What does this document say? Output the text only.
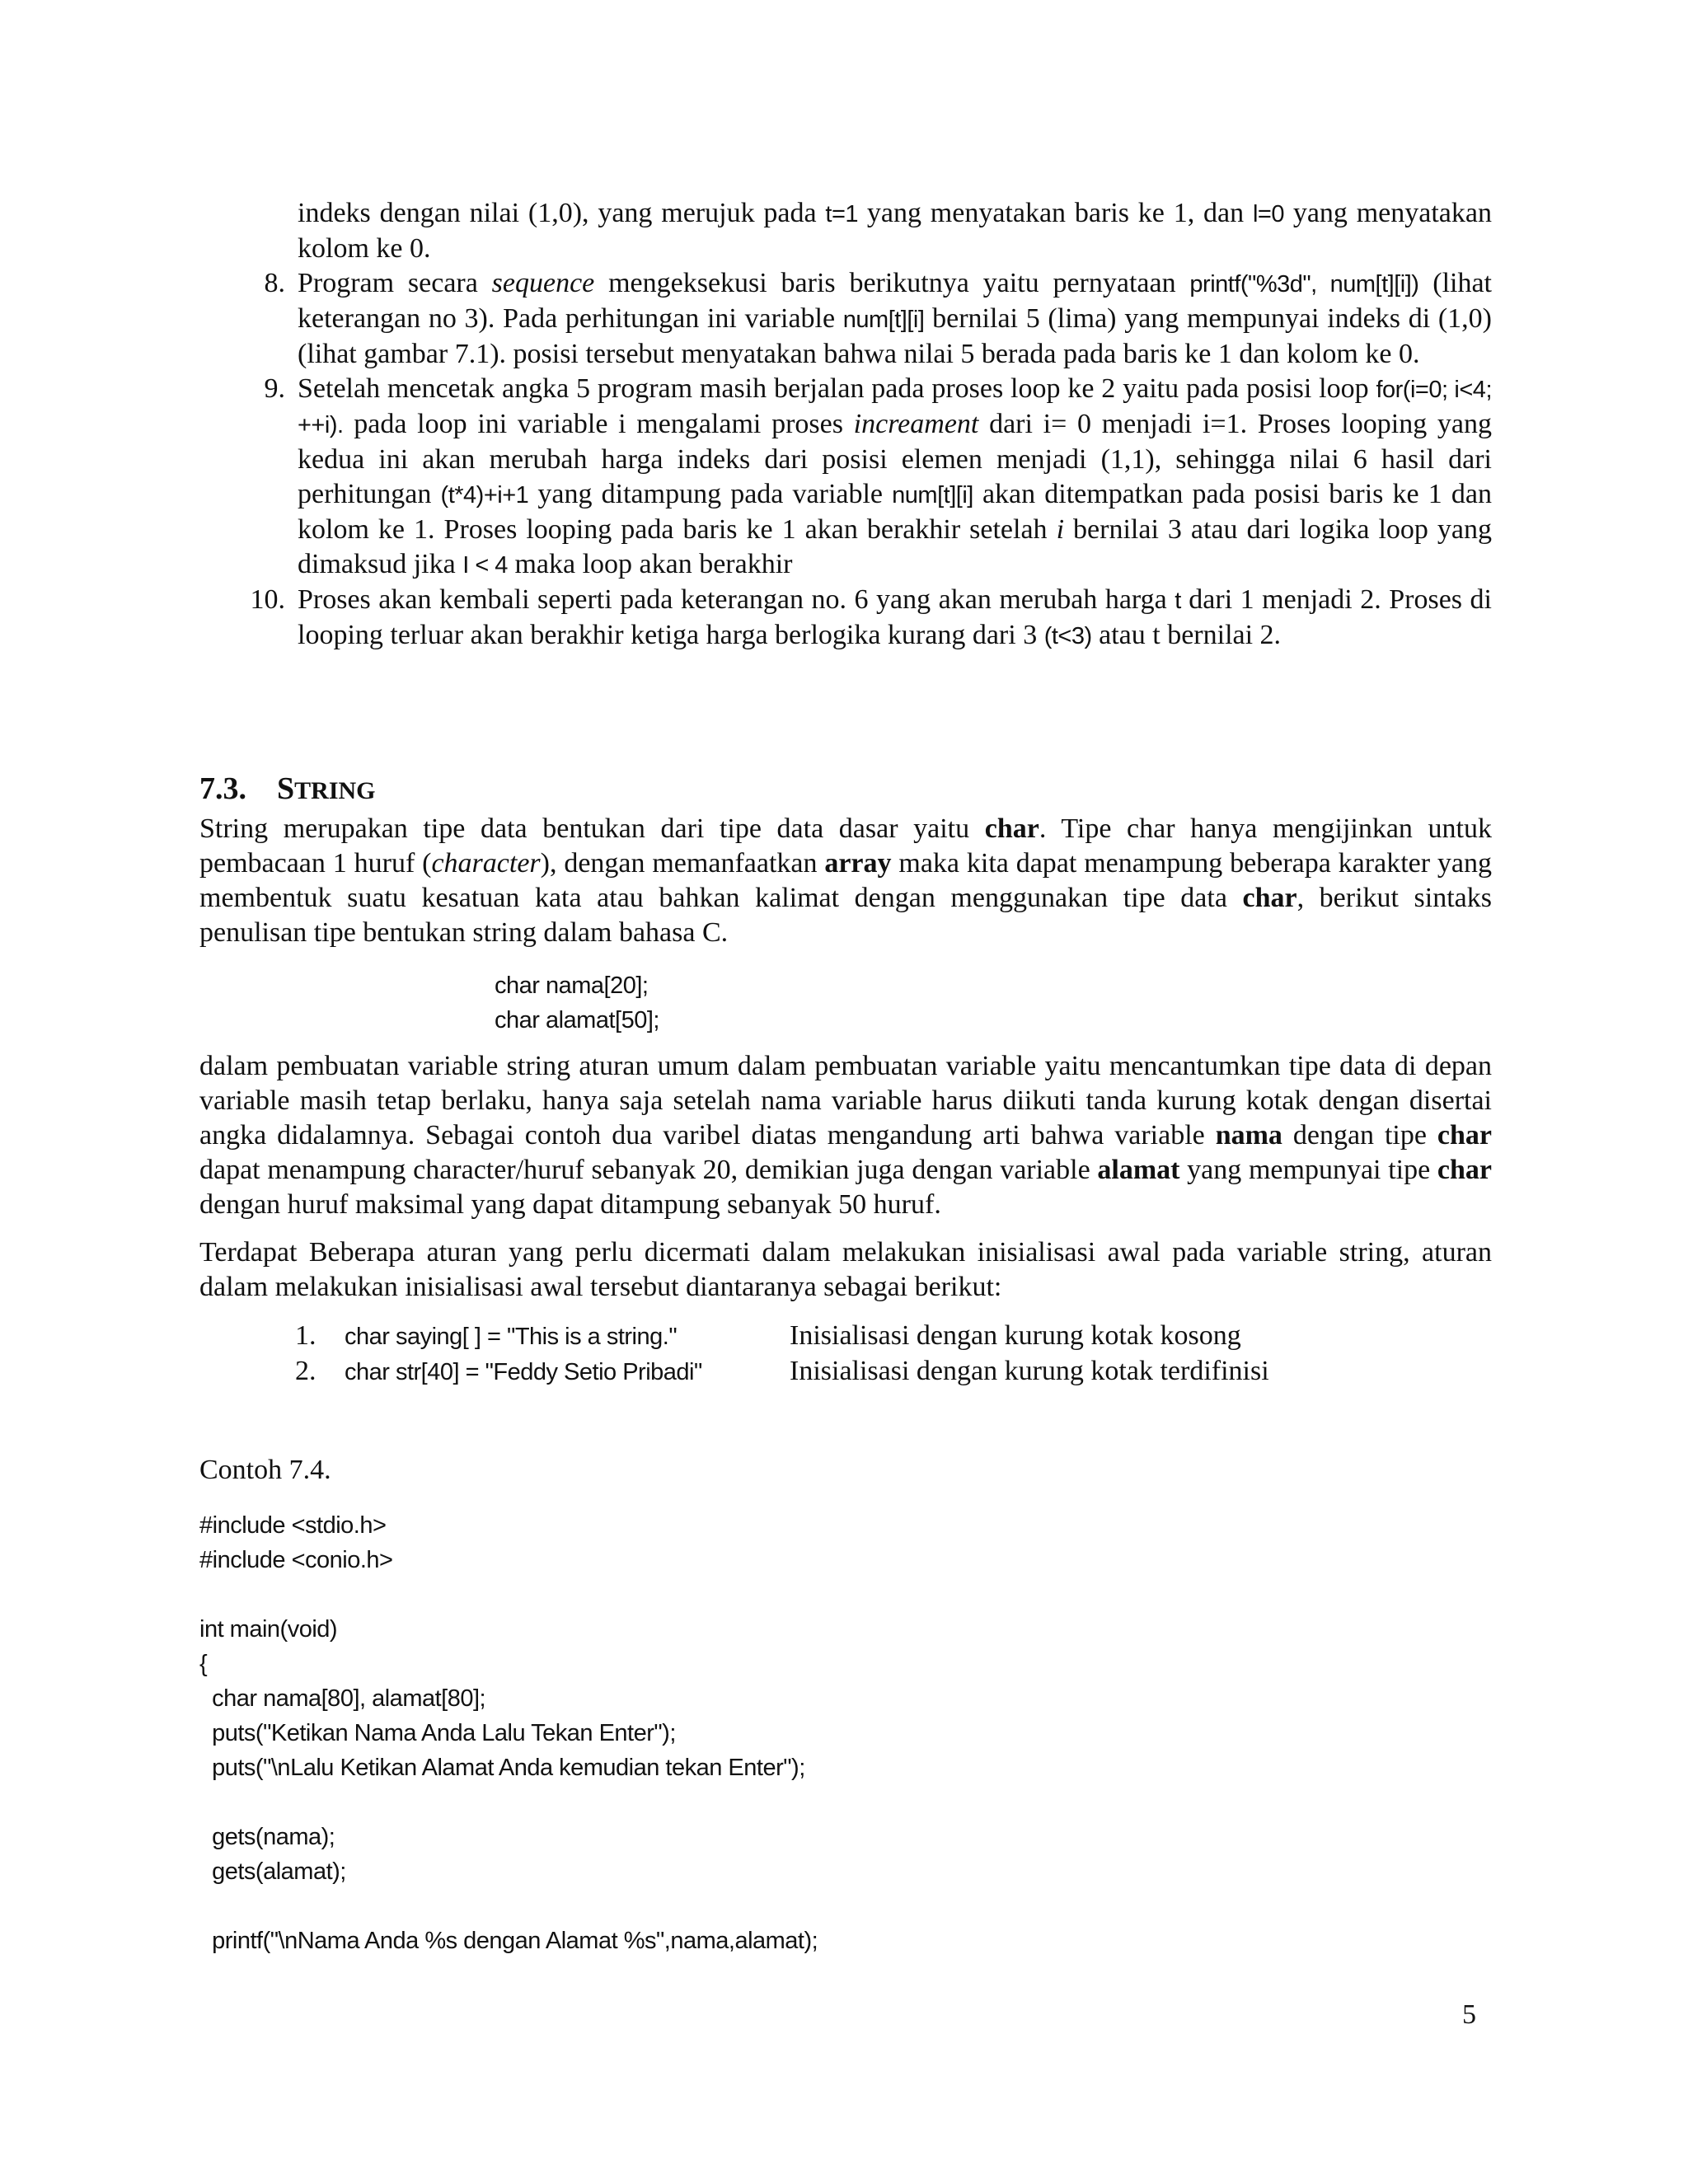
indeks dengan nilai (1,0), yang merujuk pada t=1 yang menyatakan baris ke 1, dan l=0 yang menyatakan kolom ke 0.
8. Program secara sequence mengeksekusi baris berikutnya yaitu pernyataan printf("%3d", num[t][i]) (lihat keterangan no 3). Pada perhitungan ini variable num[t][i] bernilai 5 (lima) yang mempunyai indeks di (1,0) (lihat gambar 7.1). posisi tersebut menyatakan bahwa nilai 5 berada pada baris ke 1 dan kolom ke 0.
9. Setelah mencetak angka 5 program masih berjalan pada proses loop ke 2 yaitu pada posisi loop for(i=0; i<4; ++i). pada loop ini variable i mengalami proses increament dari i= 0 menjadi i=1. Proses looping yang kedua ini akan merubah harga indeks dari posisi elemen menjadi (1,1), sehingga nilai 6 hasil dari perhitungan (t*4)+i+1 yang ditampung pada variable num[t][i] akan ditempatkan pada posisi baris ke 1 dan kolom ke 1. Proses looping pada baris ke 1 akan berakhir setelah i bernilai 3 atau dari logika loop yang dimaksud jika I < 4 maka loop akan berakhir
10. Proses akan kembali seperti pada keterangan no. 6 yang akan merubah harga t dari 1 menjadi 2. Proses di looping terluar akan berakhir ketiga harga berlogika kurang dari 3 (t<3) atau t bernilai 2.
7.3. STRING
String merupakan tipe data bentukan dari tipe data dasar yaitu char. Tipe char hanya mengijinkan untuk pembacaan 1 huruf (character), dengan memanfaatkan array maka kita dapat menampung beberapa karakter yang membentuk suatu kesatuan kata atau bahkan kalimat dengan menggunakan tipe data char, berikut sintaks penulisan tipe bentukan string dalam bahasa C.
char nama[20];
char alamat[50];
dalam pembuatan variable string aturan umum dalam pembuatan variable yaitu mencantumkan tipe data di depan variable masih tetap berlaku, hanya saja setelah nama variable harus diikuti tanda kurung kotak dengan disertai angka didalamnya. Sebagai contoh dua varibel diatas mengandung arti bahwa variable nama dengan tipe char dapat menampung character/huruf sebanyak 20, demikian juga dengan variable alamat yang mempunyai tipe char dengan huruf maksimal yang dapat ditampung sebanyak 50 huruf.
Terdapat Beberapa aturan yang perlu dicermati dalam melakukan inisialisasi awal pada variable string, aturan dalam melakukan inisialisasi awal tersebut diantaranya sebagai berikut:
1.	char saying[ ] = "This is a string."	Inisialisasi dengan kurung kotak kosong
2.	char str[40] = "Feddy Setio Pribadi"	Inisialisasi dengan kurung kotak terdifinisi
Contoh 7.4.
#include <stdio.h>
#include <conio.h>
int main(void)
{
char nama[80], alamat[80];
puts("Ketikan Nama Anda Lalu Tekan Enter");
puts("\nLalu Ketikan Alamat Anda kemudian tekan Enter");
gets(nama);
gets(alamat);
printf("\nNama Anda %s dengan Alamat %s",nama,alamat);
5
